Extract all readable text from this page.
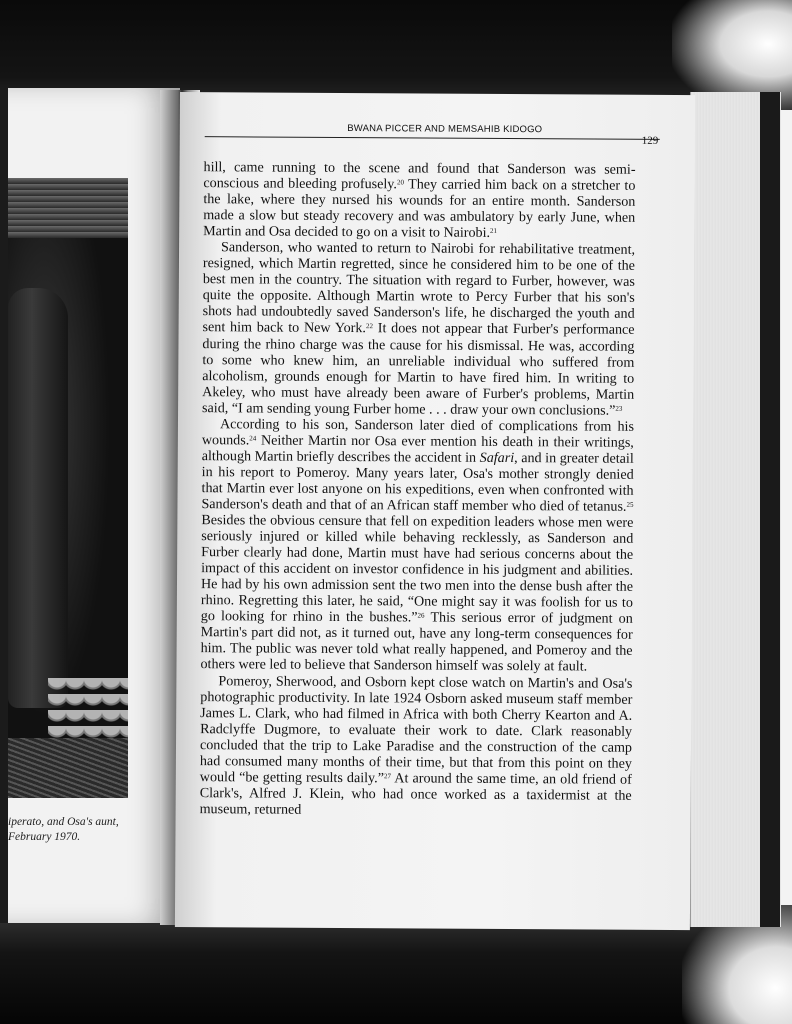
iperato, and Osa's aunt,
February 1970.
BWANA PICCER AND MEMSAHIB KIDOGO
129

hill, came running to the scene and found that Sanderson was semi-conscious and bleeding profusely.$^{20}$ They carried him back on a stretcher to the lake, where they nursed his wounds for an entire month. Sanderson made a slow but steady recovery and was ambulatory by early June, when Martin and Osa decided to go on a visit to Nairobi.$^{21}$

Sanderson, who wanted to return to Nairobi for rehabilitative treatment, resigned, which Martin regretted, since he considered him to be one of the best men in the country. The situation with regard to Furber, however, was quite the opposite. Although Martin wrote to Percy Furber that his son's shots had undoubtedly saved Sanderson's life, he discharged the youth and sent him back to New York.$^{22}$ It does not appear that Furber's performance during the rhino charge was the cause for his dismissal. He was, according to some who knew him, an unreliable individual who suffered from alcoholism, grounds enough for Martin to have fired him. In writing to Akeley, who must have already been aware of Furber's problems, Martin said, “I am sending young Furber home . . . draw your own conclusions.”$^{23}$

According to his son, Sanderson later died of complications from his wounds.$^{24}$ Neither Martin nor Osa ever mention his death in their writings, although Martin briefly describes the accident in Safari, and in greater detail in his report to Pomeroy. Many years later, Osa's mother strongly denied that Martin ever lost anyone on his expeditions, even when confronted with Sanderson's death and that of an African staff member who died of tetanus.$^{25}$ Besides the obvious censure that fell on expedition leaders whose men were seriously injured or killed while behaving recklessly, as Sanderson and Furber clearly had done, Martin must have had serious concerns about the impact of this accident on investor confidence in his judgment and abilities. He had by his own admission sent the two men into the dense bush after the rhino. Regretting this later, he said, “One might say it was foolish for us to go looking for rhino in the bushes.”$^{26}$ This serious error of judgment on Martin's part did not, as it turned out, have any long-term consequences for him. The public was never told what really happened, and Pomeroy and the others were led to believe that Sanderson himself was solely at fault.

Pomeroy, Sherwood, and Osborn kept close watch on Martin's and Osa's photographic productivity. In late 1924 Osborn asked museum staff member James L. Clark, who had filmed in Africa with both Cherry Kearton and A. Radclyffe Dugmore, to evaluate their work to date. Clark reasonably concluded that the trip to Lake Paradise and the construction of the camp had consumed many months of their time, but that from this point on they would “be getting results daily.”$^{27}$ At around the same time, an old friend of Clark's, Alfred J. Klein, who had once worked as a taxidermist at the museum, returned
